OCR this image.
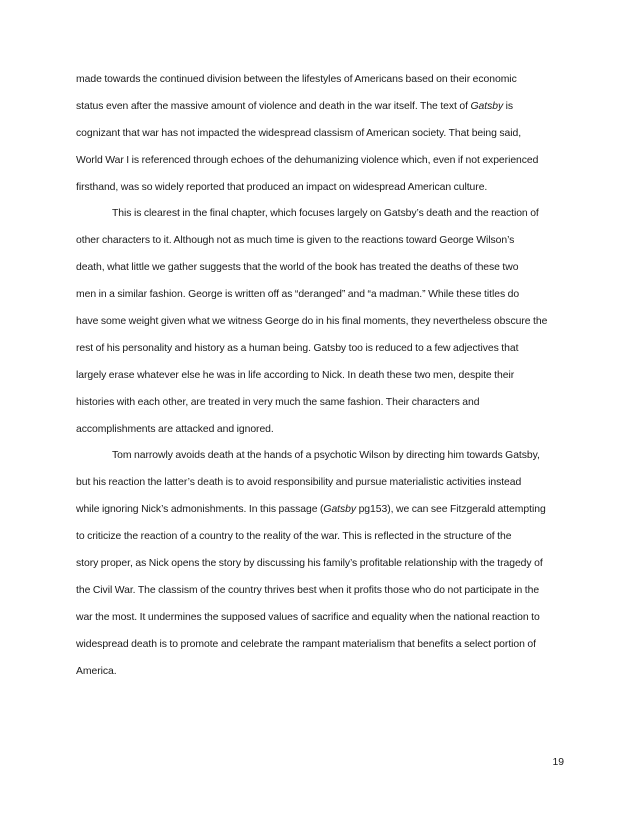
made towards the continued division between the lifestyles of Americans based on their economic
status even after the massive amount of violence and death in the war itself. The text of Gatsby is
cognizant that war has not impacted the widespread classism of American society. That being said,
World War I is referenced through echoes of the dehumanizing violence which, even if not experienced
firsthand, was so widely reported that produced an impact on widespread American culture.
This is clearest in the final chapter, which focuses largely on Gatsby’s death and the reaction of
other characters to it. Although not as much time is given to the reactions toward George Wilson’s
death, what little we gather suggests that the world of the book has treated the deaths of these two
men in a similar fashion. George is written off as “deranged” and “a madman.” While these titles do
have some weight given what we witness George do in his final moments, they nevertheless obscure the
rest of his personality and history as a human being. Gatsby too is reduced to a few adjectives that
largely erase whatever else he was in life according to Nick. In death these two men, despite their
histories with each other, are treated in very much the same fashion. Their characters and
accomplishments are attacked and ignored.
Tom narrowly avoids death at the hands of a psychotic Wilson by directing him towards Gatsby,
but his reaction the latter’s death is to avoid responsibility and pursue materialistic activities instead
while ignoring Nick’s admonishments. In this passage (Gatsby pg153), we can see Fitzgerald attempting
to criticize the reaction of a country to the reality of the war. This is reflected in the structure of the
story proper, as Nick opens the story by discussing his family’s profitable relationship with the tragedy of
the Civil War. The classism of the country thrives best when it profits those who do not participate in the
war the most. It undermines the supposed values of sacrifice and equality when the national reaction to
widespread death is to promote and celebrate the rampant materialism that benefits a select portion of
America.
19
